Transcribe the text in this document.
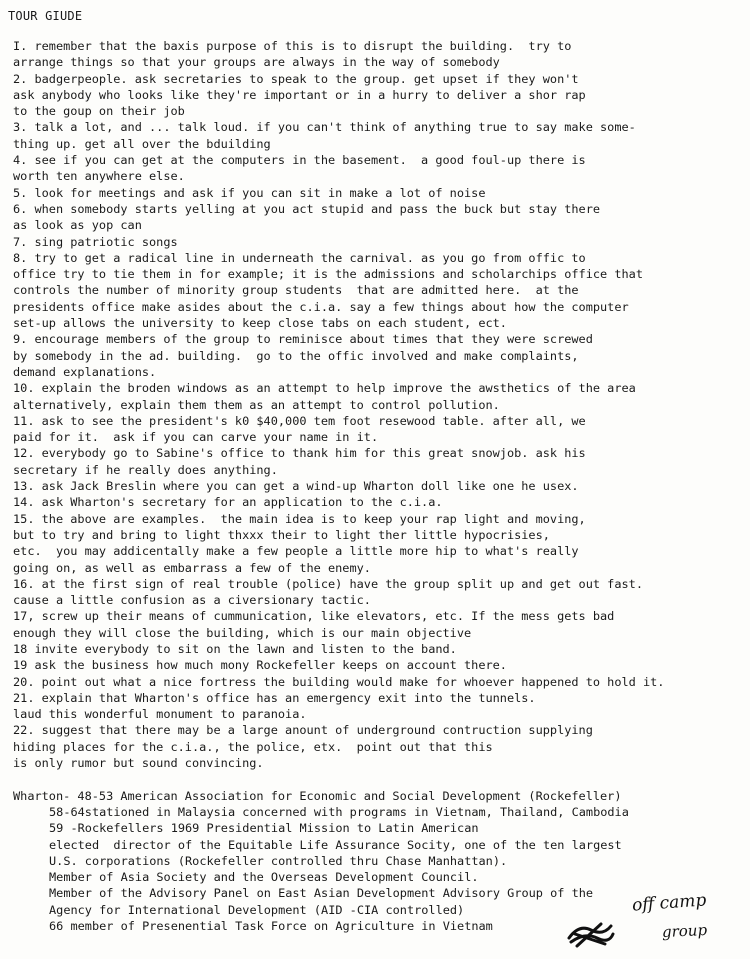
TOUR GIUDE
I. remember that the baxis purpose of this is to disrupt the building.  try to
arrange things so that your groups are always in the way of somebody
2. badgerpeople. ask secretaries to speak to the group. get upset if they won't
ask anybody who looks like they're important or in a hurry to deliver a shor rap
to the goup on their job
3. talk a lot, and ... talk loud. if you can't think of anything true to say make some-
thing up. get all over the bduilding
4. see if you can get at the computers in the basement.  a good foul-up there is
worth ten anywhere else.
5. look for meetings and ask if you can sit in make a lot of noise
6. when somebody starts yelling at you act stupid and pass the buck but stay there
as look as yop can
7. sing patriotic songs
8. try to get a radical line in underneath the carnival. as you go from offic to
office try to tie them in for example; it is the admissions and scholarchips office that
controls the number of minority group students  that are admitted here.  at the
presidents office make asides about the c.i.a. say a few things about how the computer
set-up allows the university to keep close tabs on each student, ect.
9. encourage members of the group to reminisce about times that they were screwed
by somebody in the ad. building.  go to the offic involved and make complaints,
demand explanations.
10. explain the broden windows as an attempt to help improve the awsthetics of the area
alternatively, explain them them as an attempt to control pollution.
11. ask to see the president's k0 $40,000 tem foot resewood table. after all, we
paid for it.  ask if you can carve your name in it.
12. everybody go to Sabine's office to thank him for this great snowjob. ask his
secretary if he really does anything.
13. ask Jack Breslin where you can get a wind-up Wharton doll like one he usex.
14. ask Wharton's secretary for an application to the c.i.a.
15. the above are examples.  the main idea is to keep your rap light and moving,
but to try and bring to light thxxx their to light ther little hypocrisies,
etc.  you may addicentally make a few people a little more hip to what's really
going on, as well as embarrass a few of the enemy.
16. at the first sign of real trouble (police) have the group split up and get out fast.
cause a little confusion as a civersionary tactic.
17, screw up their means of cummunication, like elevators, etc. If the mess gets bad
enough they will close the building, which is our main objective
18 invite everybody to sit on the lawn and listen to the band.
19 ask the business how much mony Rockefeller keeps on account there.
20. point out what a nice fortress the building would make for whoever happened to hold it.
21. explain that Wharton's office has an emergency exit into the tunnels.
laud this wonderful monument to paranoia.
22. suggest that there may be a large anount of underground contruction supplying
hiding places for the c.i.a., the police, etx.  point out that this
is only rumor but sound convincing.
Wharton- 48-53 American Association for Economic and Social Development (Rockefeller)
58-64stationed in Malaysia concerned with programs in Vietnam, Thailand, Cambodia
59 -Rockefellers 1969 Presidential Mission to Latin American
elected  director of the Equitable Life Assurance Socity, one of the ten largest
U.S. corporations (Rockefeller controlled thru Chase Manhattan).
Member of Asia Society and the Overseas Development Council.
Member of the Advisory Panel on East Asian Development Advisory Group of the
Agency for International Development (AID -CIA controlled)
66 member of Presenential Task Force on Agriculture in Vietnam
off camp
group
